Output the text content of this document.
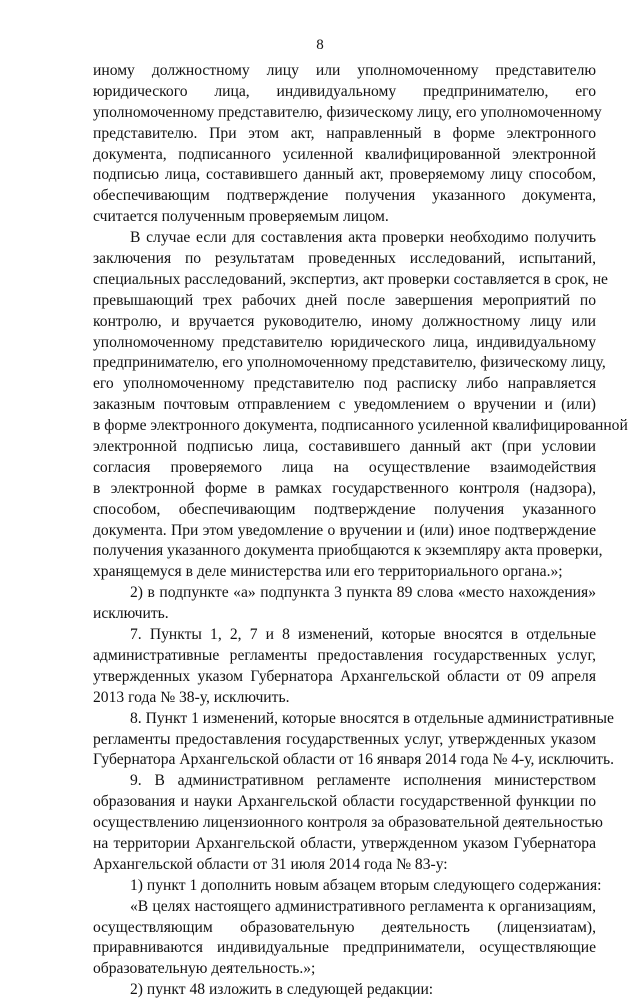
8
иному должностному лицу или уполномоченному представителю
юридического лица, индивидуальному предпринимателю, его
уполномоченному представителю, физическому лицу, его уполномоченному
представителю. При этом акт, направленный в форме электронного
документа, подписанного усиленной квалифицированной электронной
подписью лица, составившего данный акт, проверяемому лицу способом,
обеспечивающим подтверждение получения указанного документа,
считается полученным проверяемым лицом.
В случае если для составления акта проверки необходимо получить
заключения по результатам проведенных исследований, испытаний,
специальных расследований, экспертиз, акт проверки составляется в срок, не
превышающий трех рабочих дней после завершения мероприятий по
контролю, и вручается руководителю, иному должностному лицу или
уполномоченному представителю юридического лица, индивидуальному
предпринимателю, его уполномоченному представителю, физическому лицу,
его уполномоченному представителю под расписку либо направляется
заказным почтовым отправлением с уведомлением о вручении и (или)
в форме электронного документа, подписанного усиленной квалифицированной
электронной подписью лица, составившего данный акт (при условии
согласия проверяемого лица на осуществление взаимодействия
в электронной форме в рамках государственного контроля (надзора),
способом, обеспечивающим подтверждение получения указанного
документа. При этом уведомление о вручении и (или) иное подтверждение
получения указанного документа приобщаются к экземпляру акта проверки,
хранящемуся в деле министерства или его территориального органа.»;
2) в подпункте «а» подпункта 3 пункта 89 слова «место нахождения»
исключить.
7. Пункты 1, 2, 7 и 8 изменений, которые вносятся в отдельные
административные регламенты предоставления государственных услуг,
утвержденных указом Губернатора Архангельской области от 09 апреля
2013 года № 38-у, исключить.
8. Пункт 1 изменений, которые вносятся в отдельные административные
регламенты предоставления государственных услуг, утвержденных указом
Губернатора Архангельской области от 16 января 2014 года № 4-у, исключить.
9. В административном регламенте исполнения министерством
образования и науки Архангельской области государственной функции по
осуществлению лицензионного контроля за образовательной деятельностью
на территории Архангельской области, утвержденном указом Губернатора
Архангельской области от 31 июля 2014 года № 83-у:
1) пункт 1 дополнить новым абзацем вторым следующего содержания:
«В целях настоящего административного регламента к организациям,
осуществляющим образовательную деятельность (лицензиатам),
приравниваются индивидуальные предприниматели, осуществляющие
образовательную деятельность.»;
2) пункт 48 изложить в следующей редакции:
